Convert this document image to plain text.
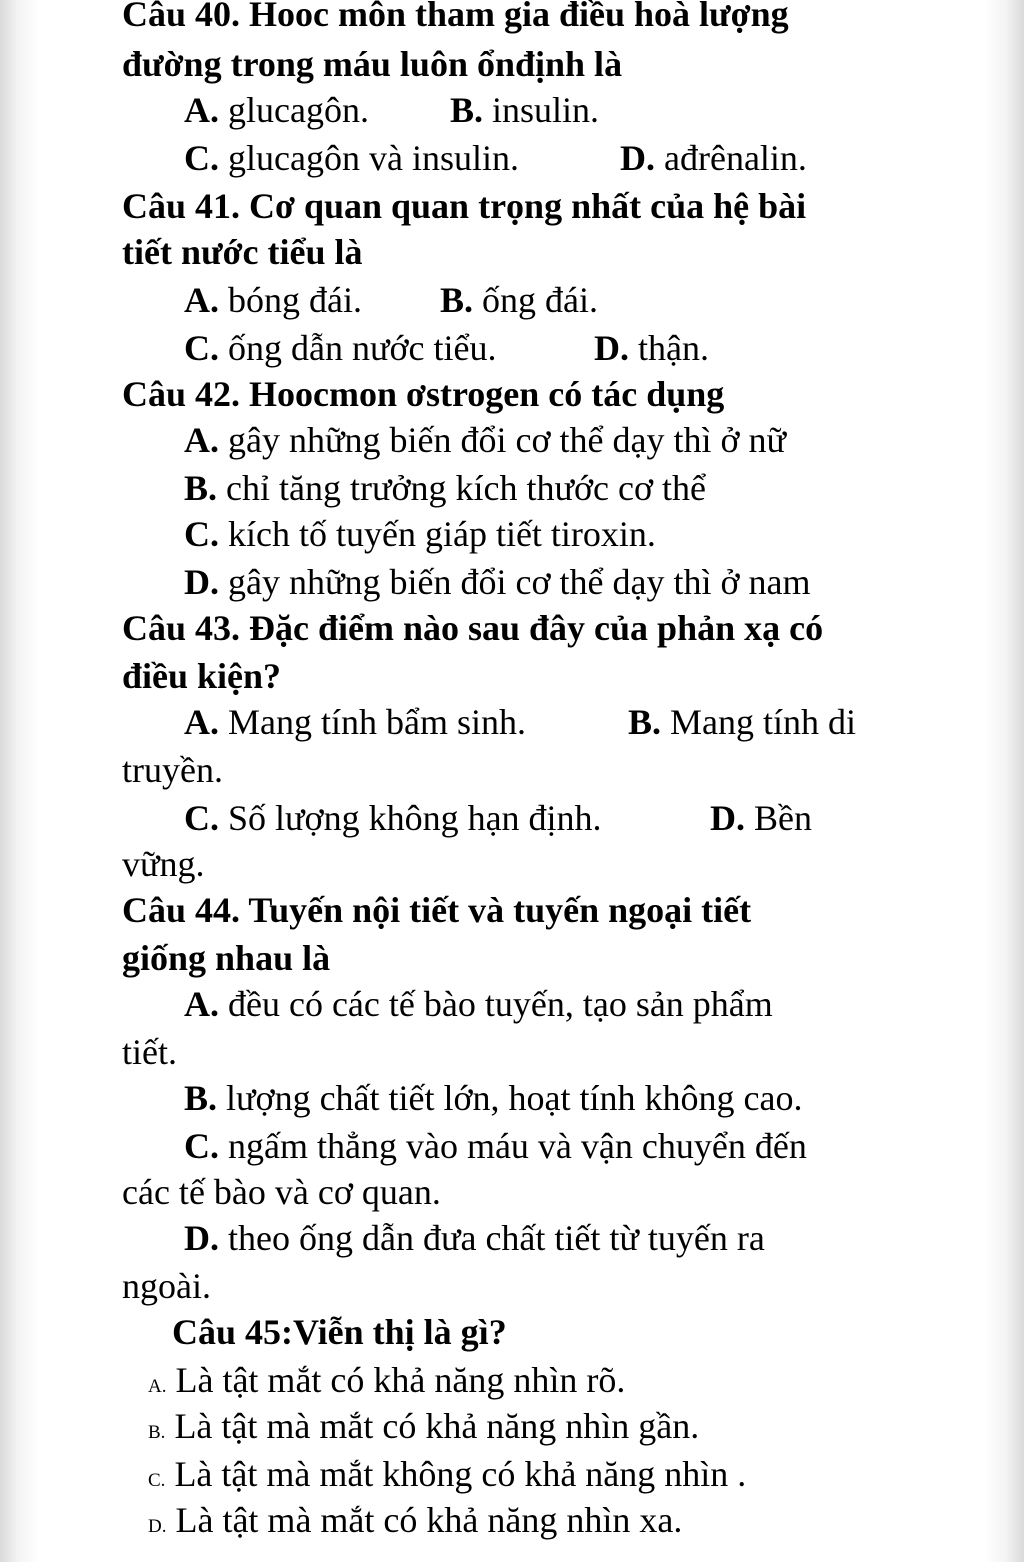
Câu 40. Hooc môn tham gia điều hoà lượng
đường trong máu luôn ổnđịnh là
A. glucagôn. B. insulin.
C. glucagôn và insulin.	D. ađrênalin.
Câu 41. Cơ quan quan trọng nhất của hệ bài
tiết nước tiểu là
A. bóng đái. B. ống đái.
C. ống dẫn nước tiểu.	D. thận.
Câu 42. Hoocmon ơstrogen có tác dụng
A. gây những biến đổi cơ thể dạy thì ở nữ
B. chỉ tăng trưởng kích thước cơ thể
C. kích tố tuyến giáp tiết tiroxin.
D. gây những biến đổi cơ thể dạy thì ở nam
Câu 43. Đặc điểm nào sau đây của phản xạ có
điều kiện?
A. Mang tính bẩm sinh.	B. Mang tính di
truyền.
C. Số lượng không hạn định.	D. Bền
vững.
Câu 44. Tuyến nội tiết và tuyến ngoại tiết
giống nhau là
A. đều có các tế bào tuyến, tạo sản phẩm
tiết.
B. lượng chất tiết lớn, hoạt tính không cao.
C. ngấm thẳng vào máu và vận chuyển đến
các tế bào và cơ quan.
D. theo ống dẫn đưa chất tiết từ tuyến ra
ngoài.
Câu 45:Viễn thị là gì?
A. Là tật mắt có khả năng nhìn rõ.
B. Là tật mà mắt có khả năng nhìn gần.
C. Là tật mà mắt không có khả năng nhìn .
D. Là tật mà mắt có khả năng nhìn xa.
